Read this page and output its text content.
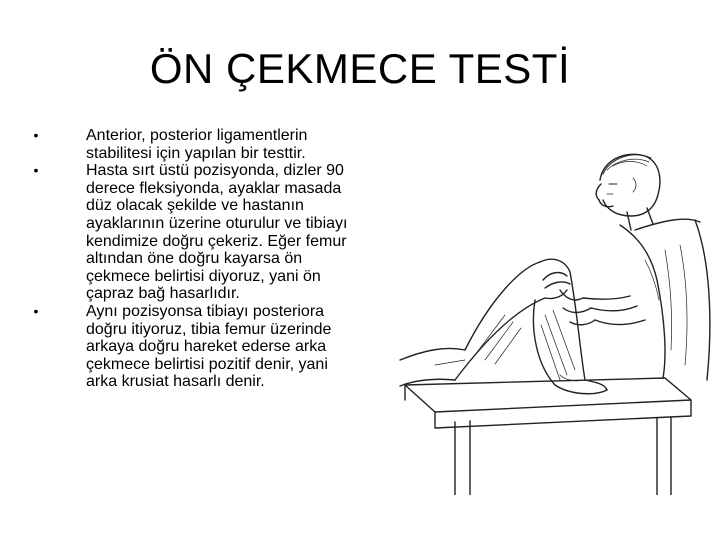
ÖN ÇEKMECE TESTİ
•	Anterior, posterior ligamentlerin stabilitesi için yapılan bir testtir.
•	Hasta sırt üstü pozisyonda, dizler 90 derece fleksiyonda, ayaklar masada düz olacak şekilde ve hastanın ayaklarının üzerine oturulur ve tibiayı kendimize doğru çekeriz. Eğer femur altından öne doğru kayarsa ön çekmece belirtisi diyoruz, yani ön çapraz bağ hasarlıdır.
•	Aynı pozisyonsa tibiayı posteriora doğru itiyoruz, tibia femur üzerinde arkaya doğru hareket ederse arka çekmece belirtisi pozitif denir, yani arka krusiat hasarlı denir.
